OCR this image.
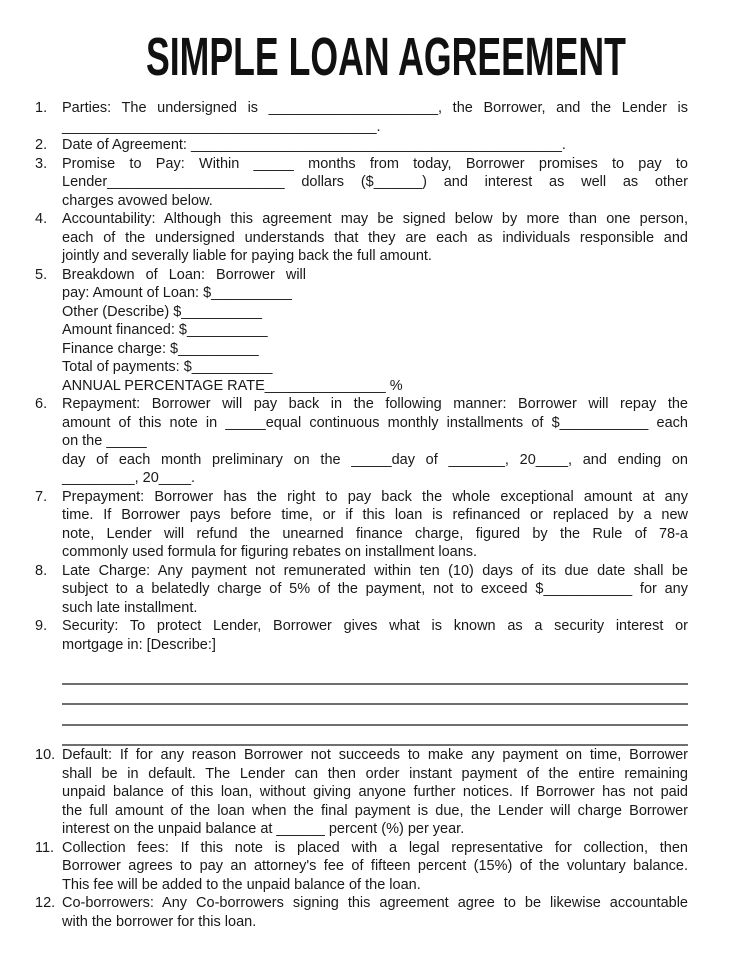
SIMPLE LOAN AGREEMENT
1.	Parties: The undersigned is _____________________, the Borrower, and the Lender is
_______________________________________.
2.	Date of Agreement: ______________________________________________.
3.	Promise to Pay: Within _____ months from today, Borrower promises to pay to
Lender______________________ dollars ($______) and interest as well as other
charges avowed below.
4.	Accountability: Although this agreement may be signed below by more than one person,
each of the undersigned understands that they are each as individuals responsible and
jointly and severally liable for paying back the full amount.
5.	Breakdown of Loan: Borrower will
pay: Amount of Loan: $__________
Other (Describe) $__________
Amount financed: $__________
Finance charge: $__________
Total of payments: $__________
ANNUAL PERCENTAGE RATE_______________ %
6.	Repayment: Borrower will pay back in the following manner: Borrower will repay the
amount of this note in _____equal continuous monthly installments of $___________ each
on the _____
day of each month preliminary on the _____day of _______, 20____, and ending on
_________, 20____.
7.	Prepayment: Borrower has the right to pay back the whole exceptional amount at any
time. If Borrower pays before time, or if this loan is refinanced or replaced by a new
note, Lender will refund the unearned finance charge, figured by the Rule of 78-a
commonly used formula for figuring rebates on installment loans.
8.	Late Charge: Any payment not remunerated within ten (10) days of its due date shall be
subject to a belatedly charge of 5% of the payment, not to exceed $___________ for any
such late installment.
9.	Security: To protect Lender, Borrower gives what is known as a security interest or
mortgage in: [Describe:]
10. Default: If for any reason Borrower not succeeds to make any payment on time, Borrower
shall be in default. The Lender can then order instant payment of the entire remaining
unpaid balance of this loan, without giving anyone further notices. If Borrower has not paid
the full amount of the loan when the final payment is due, the Lender will charge Borrower
interest on the unpaid balance at ______ percent (%) per year.
11. Collection fees: If this note is placed with a legal representative for collection, then
Borrower agrees to pay an attorney's fee of fifteen percent (15%) of the voluntary balance.
This fee will be added to the unpaid balance of the loan.
12. Co-borrowers: Any Co-borrowers signing this agreement agree to be likewise accountable
with the borrower for this loan.
